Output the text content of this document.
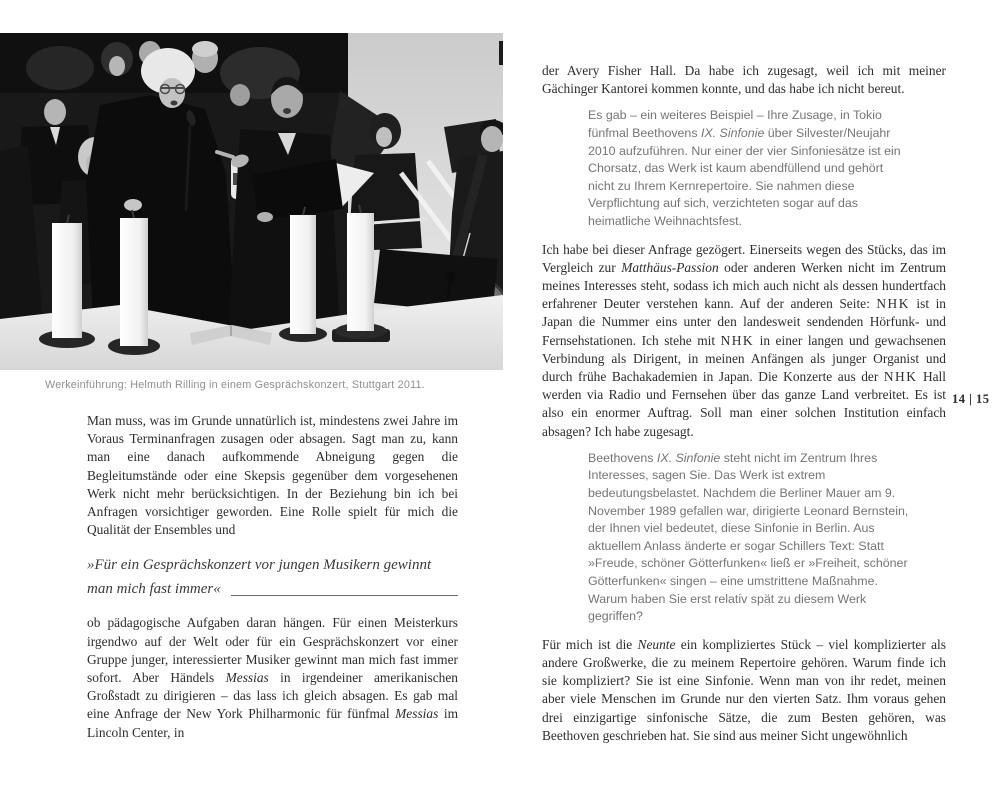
Werkeinführung: Helmuth Rilling in einem Gesprächskonzert, Stuttgart 2011.

Man muss, was im Grunde unnatürlich ist, mindestens zwei Jahre im Voraus Terminanfragen zusagen oder absagen. Sagt man zu, kann man eine danach aufkommende Abneigung gegen die Begleitumstände oder eine Skepsis gegenüber dem vorgesehenen Werk nicht mehr berücksichtigen. In der Beziehung bin ich bei Anfragen vorsichtiger geworden. Eine Rolle spielt für mich die Qualität der Ensembles und

»Für ein Gesprächskonzert vor jungen Musikern gewinnt
man mich fast immer«

ob pädagogische Aufgaben daran hängen. Für einen Meisterkurs irgendwo auf der Welt oder für ein Gesprächskonzert vor einer Gruppe junger, interessierter Musiker gewinnt man mich fast immer sofort. Aber Händels Messias in irgendeiner amerikanischen Großstadt zu dirigieren – das lass ich gleich absagen. Es gab mal eine Anfrage der New York Philharmonic für fünfmal Messias im Lincoln Center, in

der Avery Fisher Hall. Da habe ich zugesagt, weil ich mit meiner Gächinger Kantorei kommen konnte, und das habe ich nicht bereut.

Es gab – ein weiteres Beispiel – Ihre Zusage, in Tokio fünfmal Beethovens IX. Sinfonie über Silvester/Neujahr 2010 aufzuführen. Nur einer der vier Sinfoniesätze ist ein Chorsatz, das Werk ist kaum abendfüllend und gehört nicht zu Ihrem Kernrepertoire. Sie nahmen diese Verpflichtung auf sich, verzichteten sogar auf das heimatliche Weihnachtsfest.

Ich habe bei dieser Anfrage gezögert. Einerseits wegen des Stücks, das im Vergleich zur Matthäus-Passion oder anderen Werken nicht im Zentrum meines Interesses steht, sodass ich mich auch nicht als dessen hundertfach erfahrener Deuter verstehen kann. Auf der anderen Seite: NHK ist in Japan die Nummer eins unter den landesweit sendenden Hörfunk- und Fernsehstationen. Ich stehe mit NHK in einer langen und gewachsenen Verbindung als Dirigent, in meinen Anfängen als junger Organist und durch frühe Bachakademien in Japan. Die Konzerte aus der NHK Hall werden via Radio und Fernsehen über das ganze Land verbreitet. Es ist also ein enormer Auftrag. Soll man einer solchen Institution einfach absagen? Ich habe zugesagt.

Beethovens IX. Sinfonie steht nicht im Zentrum Ihres Interesses, sagen Sie. Das Werk ist extrem bedeutungsbelastet. Nachdem die Berliner Mauer am 9. November 1989 gefallen war, dirigierte Leonard Bernstein, der Ihnen viel bedeutet, diese Sinfonie in Berlin. Aus aktuellem Anlass änderte er sogar Schillers Text: Statt »Freude, schöner Götterfunken« ließ er »Freiheit, schöner Götterfunken« singen – eine umstrittene Maßnahme. Warum haben Sie erst relativ spät zu diesem Werk gegriffen?

Für mich ist die Neunte ein kompliziertes Stück – viel komplizierter als andere Großwerke, die zu meinem Repertoire gehören. Warum finde ich sie kompliziert? Sie ist eine Sinfonie. Wenn man von ihr redet, meinen aber viele Menschen im Grunde nur den vierten Satz. Ihm voraus gehen drei einzigartige sinfonische Sätze, die zum Besten gehören, was Beethoven geschrieben hat. Sie sind aus meiner Sicht ungewöhnlich

14 | 15
